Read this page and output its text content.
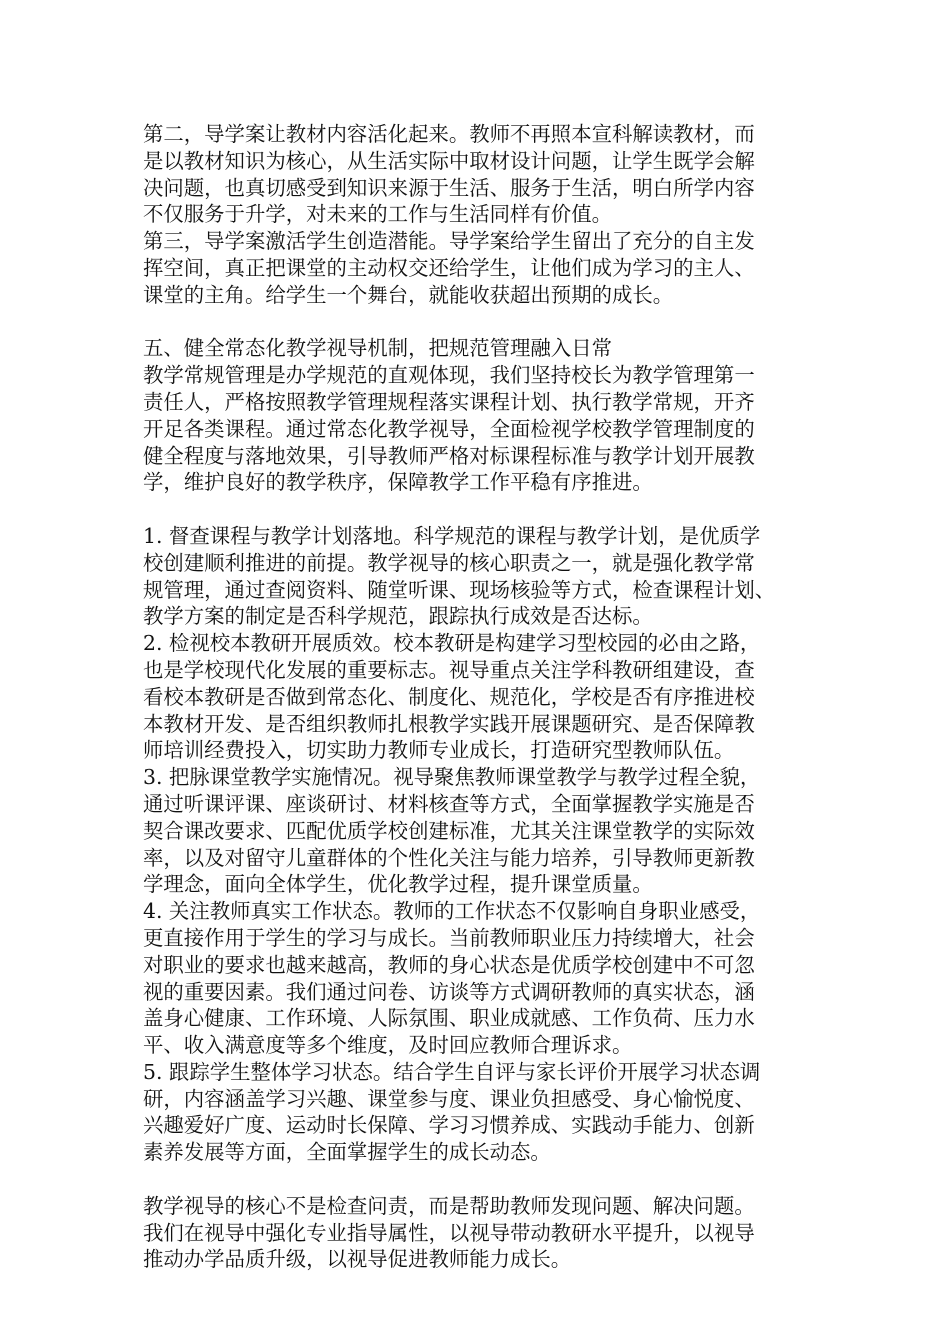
第二，导学案让教材内容活化起来。教师不再照本宣科解读教材，而
是以教材知识为核心，从生活实际中取材设计问题，让学生既学会解
决问题，也真切感受到知识来源于生活、服务于生活，明白所学内容
不仅服务于升学，对未来的工作与生活同样有价值。
第三，导学案激活学生创造潜能。导学案给学生留出了充分的自主发
挥空间，真正把课堂的主动权交还给学生，让他们成为学习的主人、
课堂的主角。给学生一个舞台，就能收获超出预期的成长。
五、健全常态化教学视导机制，把规范管理融入日常
教学常规管理是办学规范的直观体现，我们坚持校长为教学管理第一
责任人，严格按照教学管理规程落实课程计划、执行教学常规，开齐
开足各类课程。通过常态化教学视导，全面检视学校教学管理制度的
健全程度与落地效果，引导教师严格对标课程标准与教学计划开展教
学，维护良好的教学秩序，保障教学工作平稳有序推进。
1. 督查课程与教学计划落地。科学规范的课程与教学计划，是优质学
校创建顺利推进的前提。教学视导的核心职责之一，就是强化教学常
规管理，通过查阅资料、随堂听课、现场核验等方式，检查课程计划、
教学方案的制定是否科学规范，跟踪执行成效是否达标。
2. 检视校本教研开展质效。校本教研是构建学习型校园的必由之路，
也是学校现代化发展的重要标志。视导重点关注学科教研组建设，查
看校本教研是否做到常态化、制度化、规范化，学校是否有序推进校
本教材开发、是否组织教师扎根教学实践开展课题研究、是否保障教
师培训经费投入，切实助力教师专业成长，打造研究型教师队伍。
3. 把脉课堂教学实施情况。视导聚焦教师课堂教学与教学过程全貌，
通过听课评课、座谈研讨、材料核查等方式，全面掌握教学实施是否
契合课改要求、匹配优质学校创建标准，尤其关注课堂教学的实际效
率，以及对留守儿童群体的个性化关注与能力培养，引导教师更新教
学理念，面向全体学生，优化教学过程，提升课堂质量。
4. 关注教师真实工作状态。教师的工作状态不仅影响自身职业感受，
更直接作用于学生的学习与成长。当前教师职业压力持续增大，社会
对职业的要求也越来越高，教师的身心状态是优质学校创建中不可忽
视的重要因素。我们通过问卷、访谈等方式调研教师的真实状态，涵
盖身心健康、工作环境、人际氛围、职业成就感、工作负荷、压力水
平、收入满意度等多个维度，及时回应教师合理诉求。
5. 跟踪学生整体学习状态。结合学生自评与家长评价开展学习状态调
研，内容涵盖学习兴趣、课堂参与度、课业负担感受、身心愉悦度、
兴趣爱好广度、运动时长保障、学习习惯养成、实践动手能力、创新
素养发展等方面，全面掌握学生的成长动态。
教学视导的核心不是检查问责，而是帮助教师发现问题、解决问题。
我们在视导中强化专业指导属性，以视导带动教研水平提升，以视导
推动办学品质升级，以视导促进教师能力成长。
